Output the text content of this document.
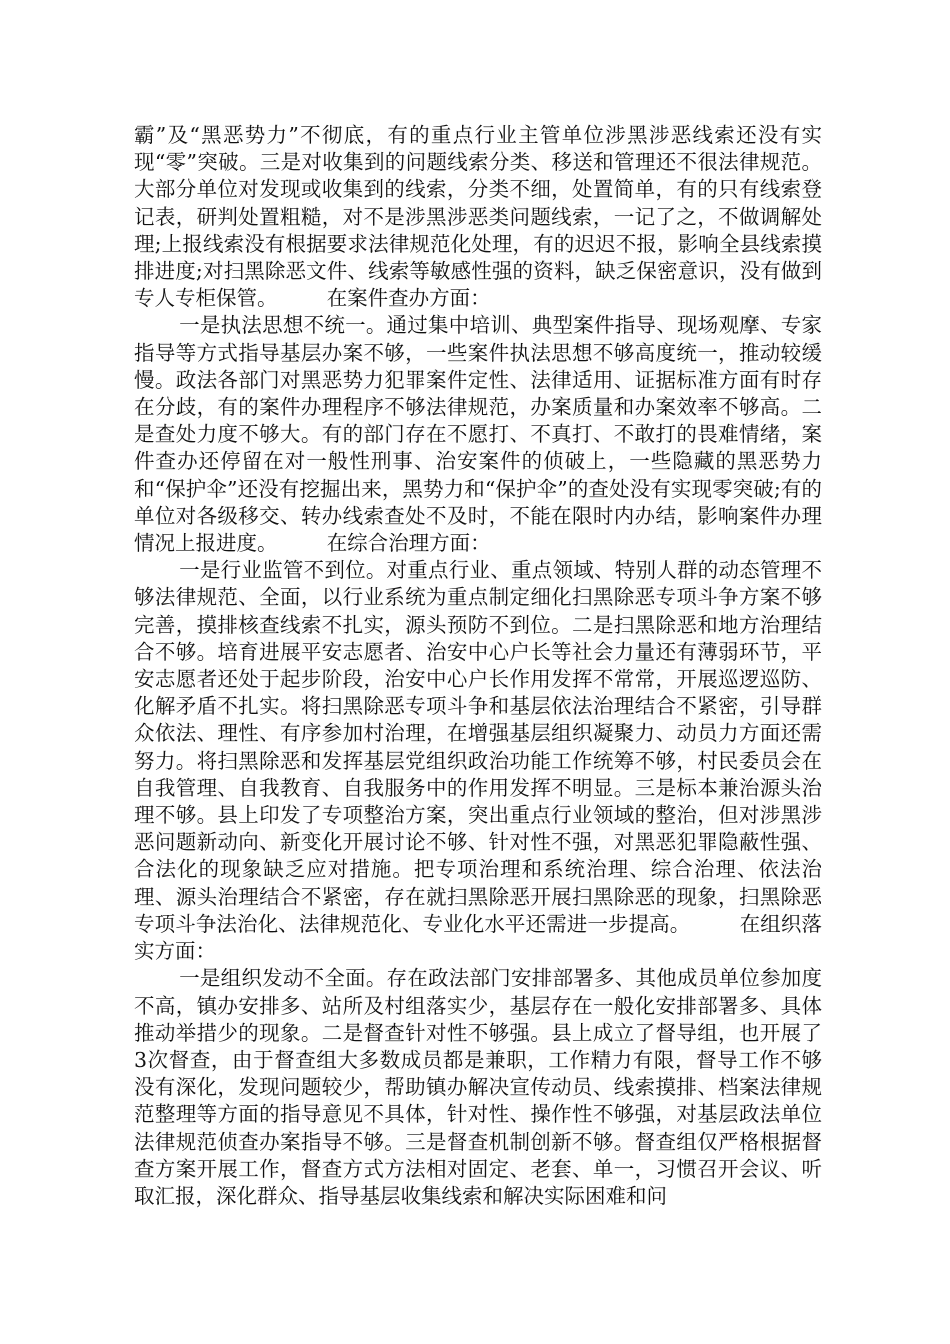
霸”及“黑恶势力”不彻底，有的重点行业主管单位涉黑涉恶线索还没有实现“零”突破。三是对收集到的问题线索分类、移送和管理还不很法律规范。大部分单位对发现或收集到的线索，分类不细，处置简单，有的只有线索登记表，研判处置粗糙，对不是涉黑涉恶类问题线索，一记了之，不做调解处理;上报线索没有根据要求法律规范化处理，有的迟迟不报，影响全县线索摸排进度;对扫黑除恶文件、线索等敏感性强的资料，缺乏保密意识，没有做到专人专柜保管。 在案件查办方面：

一是执法思想不统一。通过集中培训、典型案件指导、现场观摩、专家指导等方式指导基层办案不够，一些案件执法思想不够高度统一，推动较缓慢。政法各部门对黑恶势力犯罪案件定性、法律适用、证据标准方面有时存在分歧，有的案件办理程序不够法律规范，办案质量和办案效率不够高。二是查处力度不够大。有的部门存在不愿打、不真打、不敢打的畏难情绪，案件查办还停留在对一般性刑事、治安案件的侦破上，一些隐藏的黑恶势力和“保护伞”还没有挖掘出来，黑势力和“保护伞”的查处没有实现零突破;有的单位对各级移交、转办线索查处不及时，不能在限时内办结，影响案件办理情况上报进度。 在综合治理方面：

一是行业监管不到位。对重点行业、重点领域、特别人群的动态管理不够法律规范、全面，以行业系统为重点制定细化扫黑除恶专项斗争方案不够完善，摸排核查线索不扎实，源头预防不到位。二是扫黑除恶和地方治理结合不够。培育进展平安志愿者、治安中心户长等社会力量还有薄弱环节，平安志愿者还处于起步阶段，治安中心户长作用发挥不常常，开展巡逻巡防、化解矛盾不扎实。将扫黑除恶专项斗争和基层依法治理结合不紧密，引导群众依法、理性、有序参加村治理，在增强基层组织凝聚力、动员力方面还需努力。将扫黑除恶和发挥基层党组织政治功能工作统筹不够，村民委员会在自我管理、自我教育、自我服务中的作用发挥不明显。三是标本兼治源头治理不够。县上印发了专项整治方案，突出重点行业领域的整治，但对涉黑涉恶问题新动向、新变化开展讨论不够、针对性不强，对黑恶犯罪隐蔽性强、合法化的现象缺乏应对措施。把专项治理和系统治理、综合治理、依法治理、源头治理结合不紧密，存在就扫黑除恶开展扫黑除恶的现象，扫黑除恶专项斗争法治化、法律规范化、专业化水平还需进一步提高。 在组织落实方面：

一是组织发动不全面。存在政法部门安排部署多、其他成员单位参加度不高，镇办安排多、站所及村组落实少，基层存在一般化安排部署多、具体推动举措少的现象。二是督查针对性不够强。县上成立了督导组，也开展了3次督查，由于督查组大多数成员都是兼职，工作精力有限，督导工作不够没有深化，发现问题较少，帮助镇办解决宣传动员、线索摸排、档案法律规范整理等方面的指导意见不具体，针对性、操作性不够强，对基层政法单位法律规范侦查办案指导不够。三是督查机制创新不够。督查组仅严格根据督查方案开展工作，督查方式方法相对固定、老套、单一，习惯召开会议、听取汇报，深化群众、指导基层收集线索和解决实际困难和问
